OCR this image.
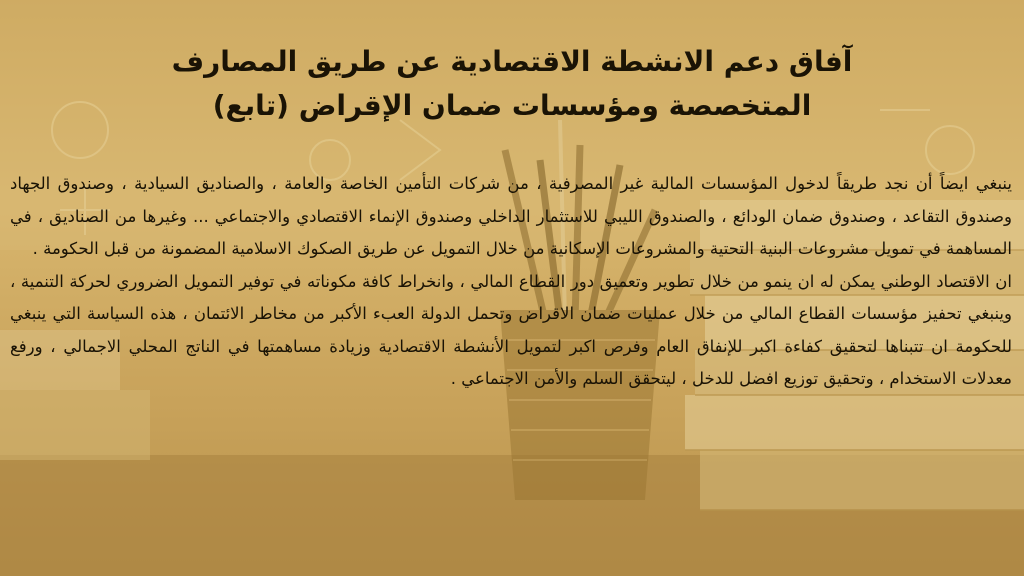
آفاق دعم الانشطة الاقتصادية عن طريق المصارف
المتخصصة ومؤسسات ضمان الإقراض (تابع)

ينبغي ايضاً أن نجد طريقاً لدخول المؤسسات المالية غير المصرفية ، من شركات التأمين الخاصة والعامة ، والصناديق السيادية ، وصندوق الجهاد وصندوق التقاعد ، وصندوق ضمان الودائع ، والصندوق الليبي للاستثمار الداخلي وصندوق الإنماء الاقتصادي والاجتماعي ... وغيرها من الصناديق ، في المساهمة في تمويل مشروعات البنية التحتية والمشروعات الإسكانية من خلال التمويل عن طريق الصكوك الاسلامية المضمونة من قبل الحكومة .

ان الاقتصاد الوطني يمكن له ان ينمو من خلال تطوير وتعميق دور القطاع المالي ، وانخراط كافة مكوناته في توفير التمويل الضروري لحركة التنمية ، وينبغي تحفيز مؤسسات القطاع المالي من خلال عمليات ضمان الاقراض وتحمل الدولة العبء الأكبر من مخاطر الائتمان ، هذه السياسة التي ينبغي للحكومة ان تتبناها لتحقيق كفاءة اكبر للإنفاق العام وفرص اكبر لتمويل الأنشطة الاقتصادية وزيادة مساهمتها في الناتج المحلي الاجمالي ، ورفع معدلات الاستخدام ، وتحقيق توزيع افضل للدخل ، ليتحقق السلم والأمن الاجتماعي .
